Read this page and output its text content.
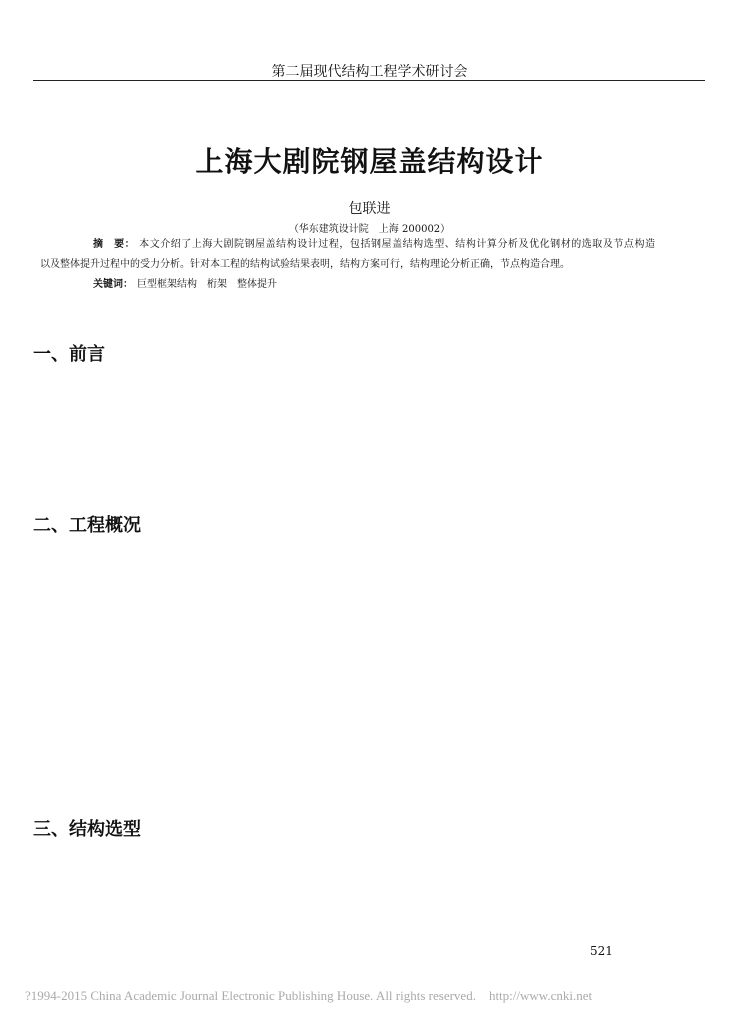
第二届现代结构工程学术研讨会
上海大剧院钢屋盖结构设计
包联进
（华东建筑设计院　上海 200002）
摘　要： 本文介绍了上海大剧院钢屋盖结构设计过程，包括钢屋盖结构选型、结构计算分析及优化钢材的选取及节点构造
以及整体提升过程中的受力分析。针对本工程的结构试验结果表明，结构方案可行，结构理论分析正确，节点构造合理。
关键词： 巨型框架结构 桁架 整体提升
一、前言
二、工程概况
三、结构选型
521
?1994-2015 China Academic Journal Electronic Publishing House. All rights reserved.    http://www.cnki.net
